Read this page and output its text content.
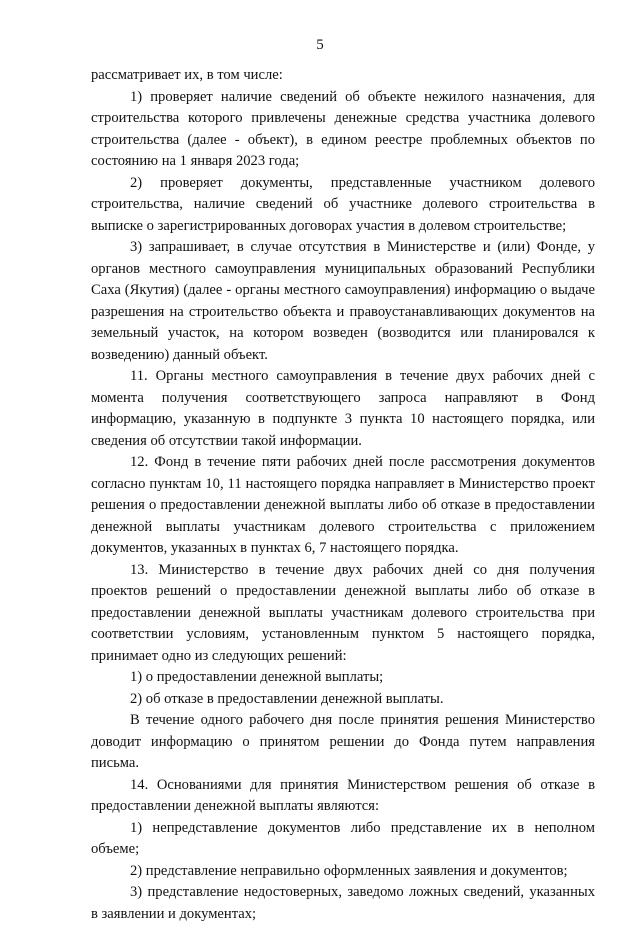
5

рассматривает их, в том числе:

1) проверяет наличие сведений об объекте нежилого назначения, для строительства которого привлечены денежные средства участника долевого строительства (далее - объект), в едином реестре проблемных объектов по состоянию на 1 января 2023 года;

2) проверяет документы, представленные участником долевого строительства, наличие сведений об участнике долевого строительства в выписке о зарегистрированных договорах участия в долевом строительстве;

3) запрашивает, в случае отсутствия в Министерстве и (или) Фонде, у органов местного самоуправления муниципальных образований Республики Саха (Якутия) (далее - органы местного самоуправления) информацию о выдаче разрешения на строительство объекта и правоустанавливающих документов на земельный участок, на котором возведен (возводится или планировался к возведению) данный объект.

11. Органы местного самоуправления в течение двух рабочих дней с момента получения соответствующего запроса направляют в Фонд информацию, указанную в подпункте 3 пункта 10 настоящего порядка, или сведения об отсутствии такой информации.

12. Фонд в течение пяти рабочих дней после рассмотрения документов согласно пунктам 10, 11 настоящего порядка направляет в Министерство проект решения о предоставлении денежной выплаты либо об отказе в предоставлении денежной выплаты участникам долевого строительства с приложением документов, указанных в пунктах 6, 7 настоящего порядка.

13. Министерство в течение двух рабочих дней со дня получения проектов решений о предоставлении денежной выплаты либо об отказе в предоставлении денежной выплаты участникам долевого строительства при соответствии условиям, установленным пунктом 5 настоящего порядка, принимает одно из следующих решений:

1) о предоставлении денежной выплаты;

2) об отказе в предоставлении денежной выплаты.

В течение одного рабочего дня после принятия решения Министерство доводит информацию о принятом решении до Фонда путем направления письма.

14. Основаниями для принятия Министерством решения об отказе в предоставлении денежной выплаты являются:

1) непредставление документов либо представление их в неполном объеме;

2) представление неправильно оформленных заявления и документов;

3) представление недостоверных, заведомо ложных сведений, указанных в заявлении и документах;
